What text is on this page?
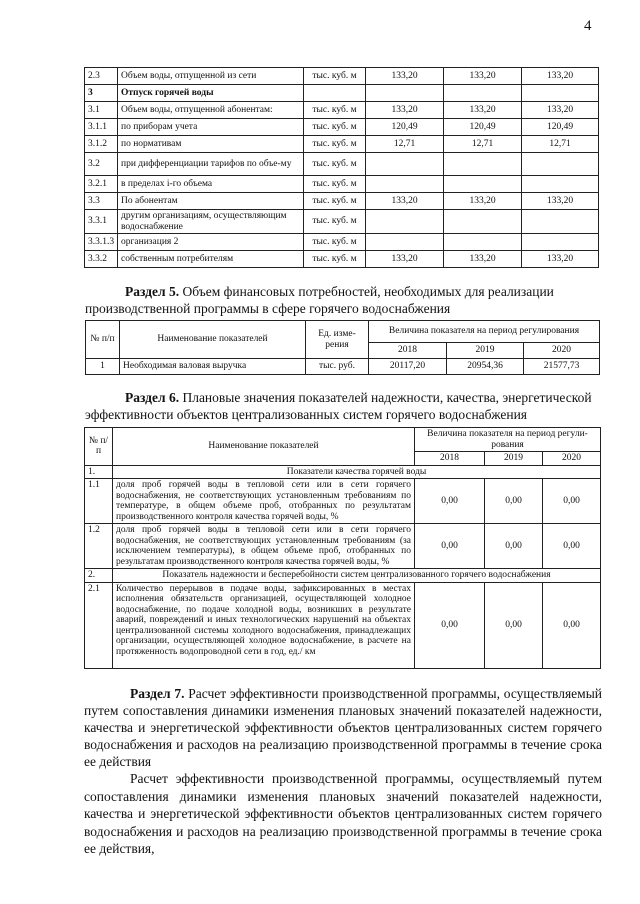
4
2.3	Объем воды, отпущенной из сети	тыс. куб. м	133,20	133,20	133,20
3	Отпуск горячей воды				
3.1	Объем воды, отпущенной абонентам:	тыс. куб. м	133,20	133,20	133,20
3.1.1	по приборам учета	тыс. куб. м	120,49	120,49	120,49
3.1.2	по нормативам	тыс. куб. м	12,71	12,71	12,71
3.2	при дифференциации тарифов по объе-му	тыс. куб. м			
3.2.1	в пределах i-го объема	тыс. куб. м			
3.3	По абонентам	тыс. куб. м	133,20	133,20	133,20
3.3.1	другим организациям, осуществляющим водоснабжение	тыс. куб. м			
3.3.1.3	организация 2	тыс. куб. м			
3.3.2	собственным потребителям	тыс. куб. м	133,20	133,20	133,20
Раздел 5. Объем финансовых потребностей, необходимых для реализации производственной программы в сфере горячего водоснабжения
№ п/п	Наименование показателей	Ед. изме-рения	Величина показателя на период регулирования		
			2018	2019	2020
1	Необходимая валовая выручка	тыс. руб.	20117,20	20954,36	21577,73
Раздел 6. Плановые значения показателей надежности, качества, энергетической эффективности объектов централизованных систем горячего водоснабжения
№ п/п	Наименование показателей	Величина показателя на период регули-рования		
		2018	2019	2020
1.	Показатели качества горячей воды			
1.1	доля проб горячей воды в тепловой сети или в сети горячего водоснабжения, не соответствующих установленным требованиям по температуре, в общем объеме проб, отобранных по результатам производственного контроля качества горячей воды, %	0,00	0,00	0,00
1.2	доля проб горячей воды в тепловой сети или в сети горячего водоснабжения, не соответствующих установленным требованиям (за исключением температуры), в общем объеме проб, отобранных по результатам производственного контроля качества горячей воды, %	0,00	0,00	0,00
2.	Показатель надежности и бесперебойности систем централизованного горячего водоснабжения			
2.1	Количество перерывов в подаче воды, зафиксированных в местах исполнения обязательств организацией, осуществляющей холодное водоснабжение, по подаче холодной воды, возникших в результате аварий, повреждений и иных технологических нарушений на объектах централизованной системы холодного водоснабжения, принадлежащих организации, осуществляющей холодное водоснабжение, в расчете на протяженность водопроводной сети в год, ед./ км	0,00	0,00	0,00
Раздел 7. Расчет эффективности производственной программы, осуществляемый путем сопоставления динамики изменения плановых значений показателей надежности, качества и энергетической эффективности объектов централизованных систем горячего водоснабжения и расходов на реализацию производственной программы в течение срока ее действия
Расчет эффективности производственной программы, осуществляемый путем сопоставления динамики изменения плановых значений показателей надежности, качества и энергетической эффективности объектов централизованных систем горячего водоснабжения и расходов на реализацию производственной программы в течение срока ее действия,
